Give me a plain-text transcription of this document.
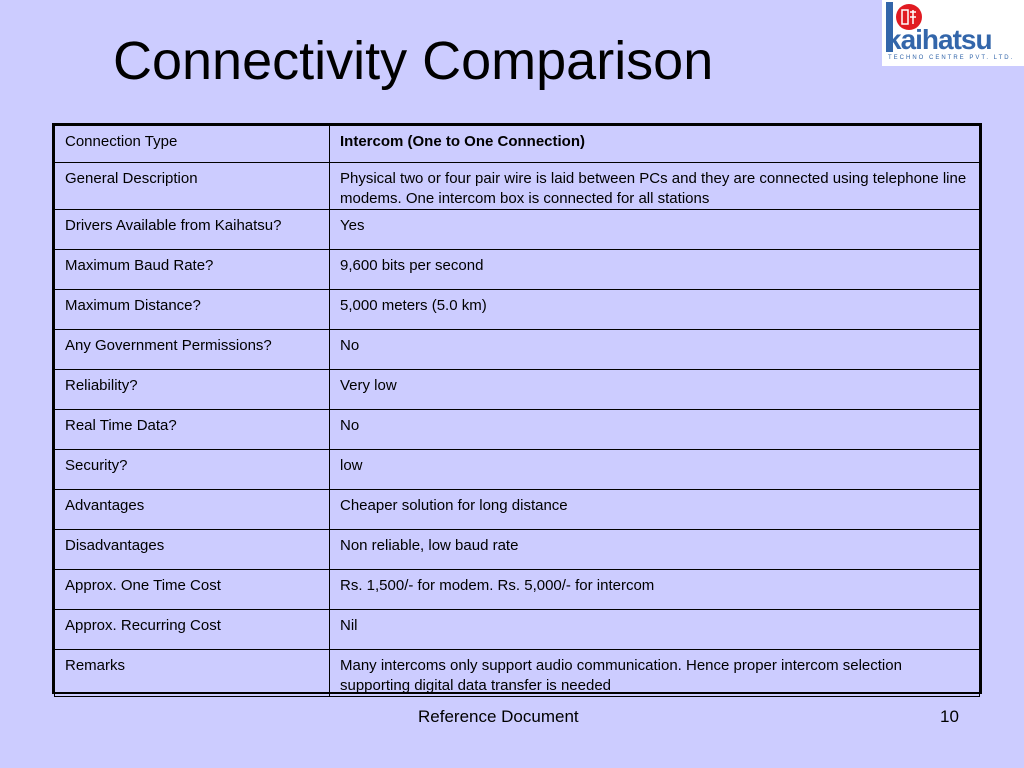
Connectivity Comparison	kaihatsu
TECHNO CENTRE PVT. LTD.
Connection Type	Intercom (One to One Connection)
General Description	Physical two or four pair wire is laid between PCs and they are connected using telephone line modems. One intercom box is connected for all stations
Drivers Available from Kaihatsu?	Yes
Maximum Baud Rate?	9,600 bits per second
Maximum Distance?	5,000 meters (5.0 km)
Any Government Permissions?	No
Reliability?	Very low
Real Time Data?	No
Security?	low
Advantages	Cheaper solution for long distance
Disadvantages	Non reliable, low baud rate
Approx. One Time Cost	Rs. 1,500/- for modem. Rs. 5,000/- for intercom
Approx. Recurring Cost	Nil
Remarks	Many intercoms only support audio communication. Hence proper intercom selection supporting digital data transfer is needed
Reference Document	10
